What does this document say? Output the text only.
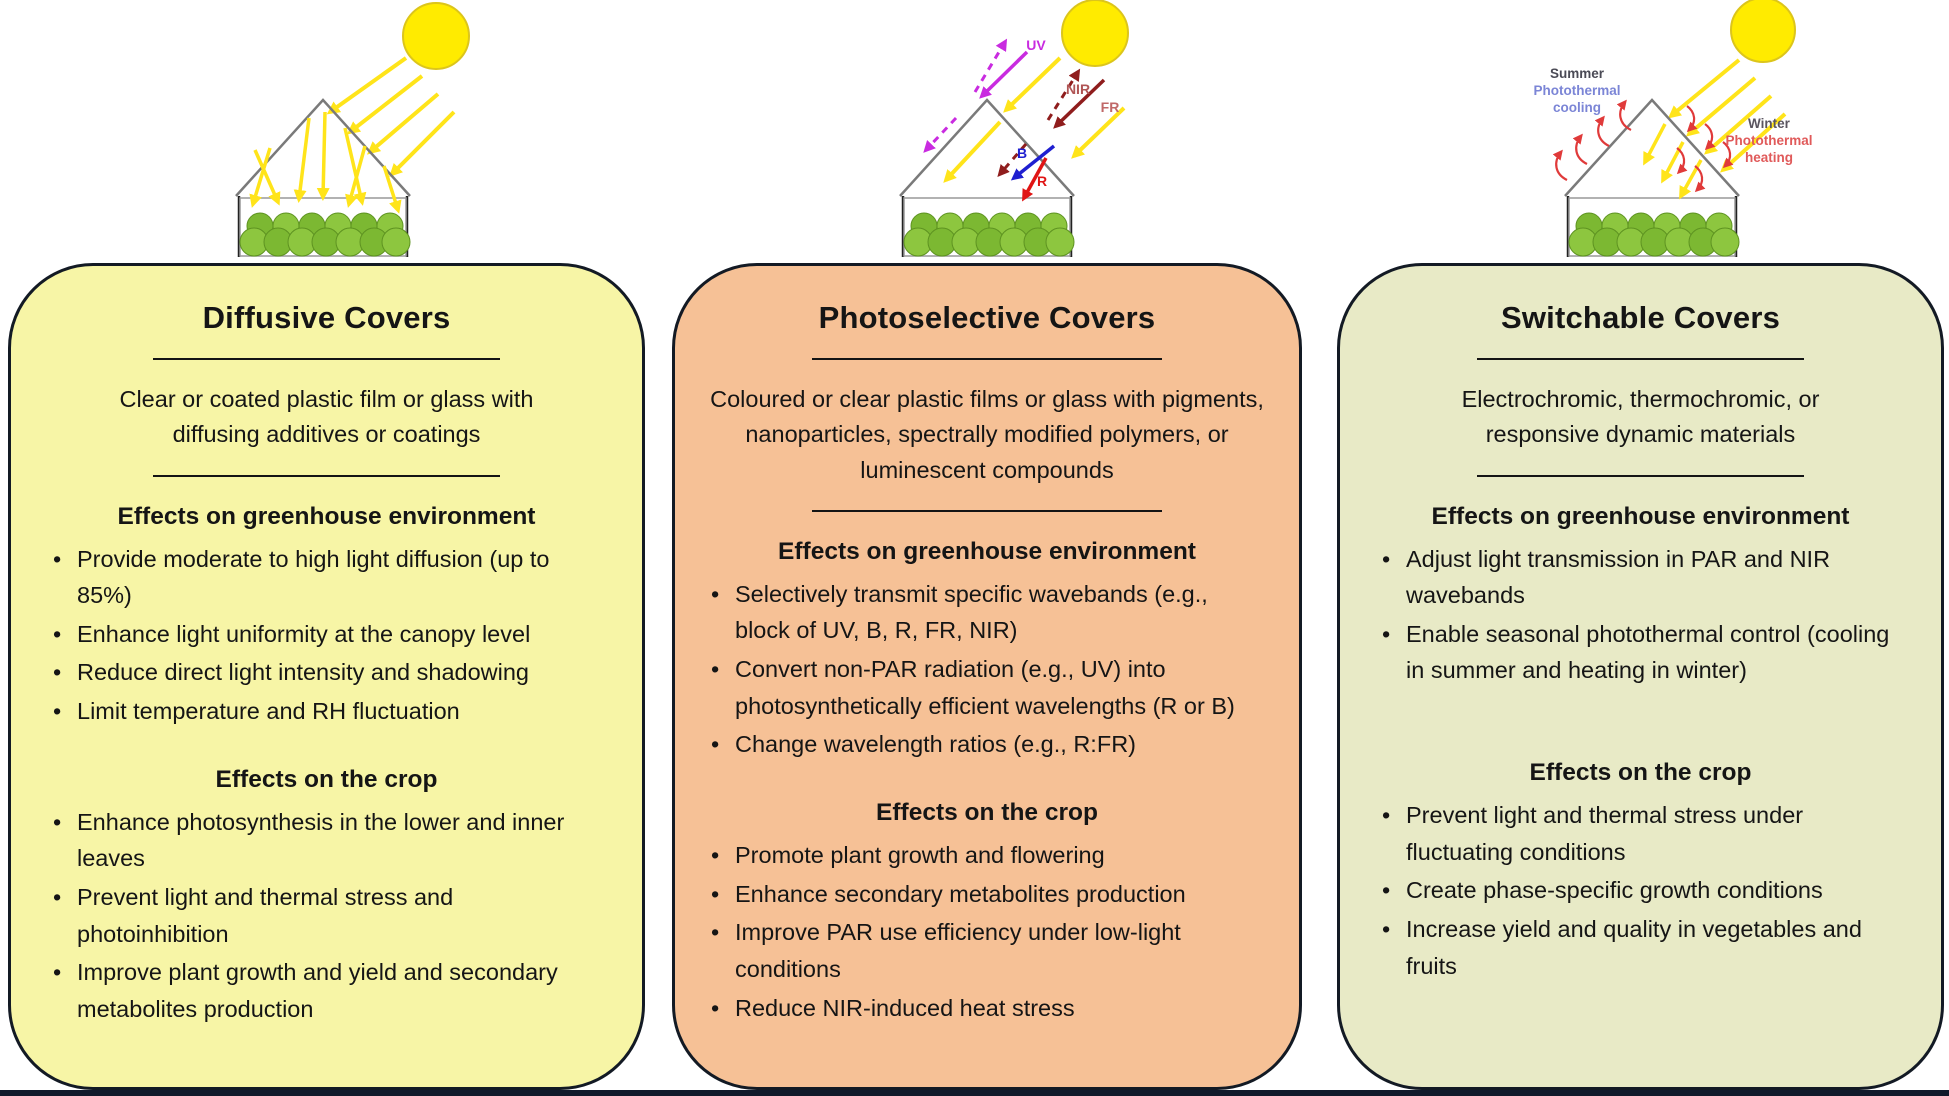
UV
NIR
FR
B
R
Summer
Photothermal
cooling
Winter
Photothermal
heating
Diffusive Covers

Clear or coated plastic film or glass with diffusing additives or coatings

Effects on greenhouse environment
• Provide moderate to high light diffusion (up to 85%)
• Enhance light uniformity at the canopy level
• Reduce direct light intensity and shadowing
• Limit temperature and RH fluctuation
Effects on the crop
• Enhance photosynthesis in the lower and inner leaves
• Prevent light and thermal stress and photoinhibition
• Improve plant growth and yield and secondary metabolites production
Photoselective Covers

Coloured or clear plastic films or glass with pigments, nanoparticles, spectrally modified polymers, or luminescent compounds

Effects on greenhouse environment
• Selectively transmit specific wavebands (e.g., block of UV, B, R, FR, NIR)
• Convert non-PAR radiation (e.g., UV) into photosynthetically efficient wavelengths (R or B)
• Change wavelength ratios (e.g., R:FR)
Effects on the crop
• Promote plant growth and flowering
• Enhance secondary metabolites production
• Improve PAR use efficiency under low-light conditions
• Reduce NIR-induced heat stress
Switchable Covers

Electrochromic, thermochromic, or responsive dynamic materials

Effects on greenhouse environment
• Adjust light transmission in PAR and NIR wavebands
• Enable seasonal photothermal control (cooling in summer and heating in winter)
Effects on the crop
• Prevent light and thermal stress under fluctuating conditions
• Create phase-specific growth conditions
• Increase yield and quality in vegetables and fruits
